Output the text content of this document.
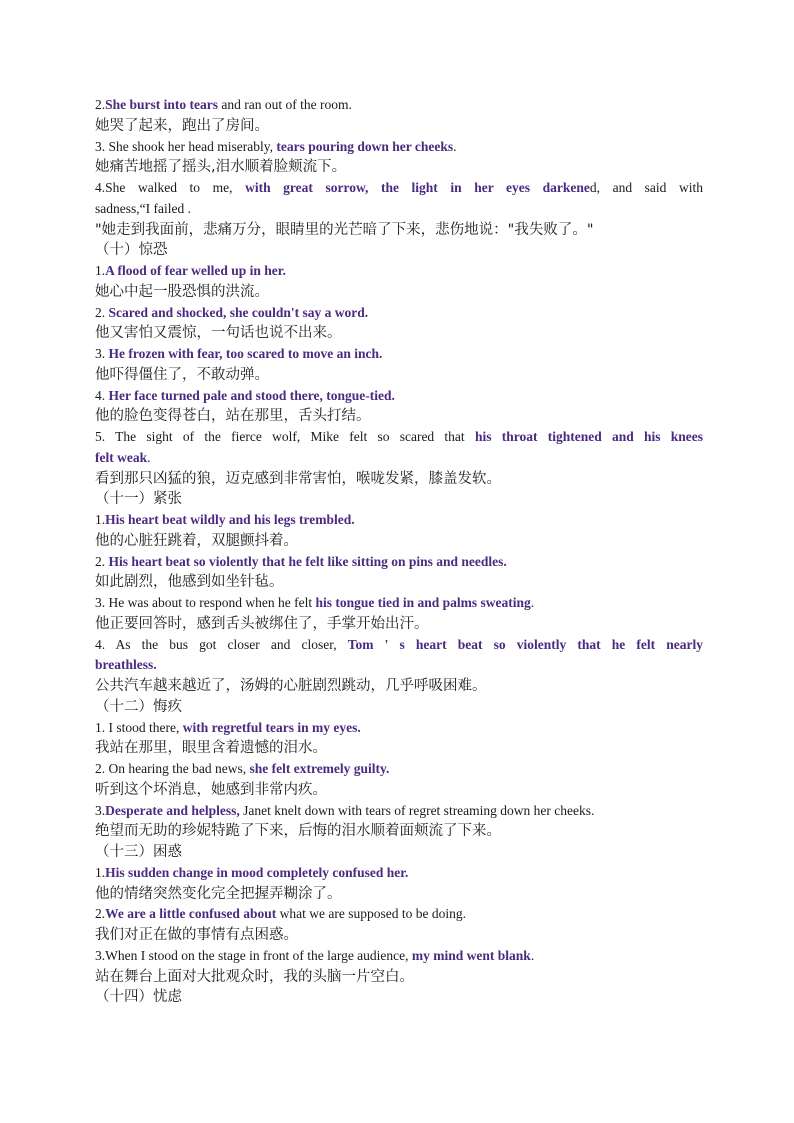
2.She burst into tears and ran out of the room.
她哭了起来，跑出了房间。
3. She shook her head miserably, tears pouring down her cheeks.
她痛苦地摇了摇头,泪水顺着脸颊流下。
4.She walked to me, with great sorrow, the light in her eyes darkened, and said with
sadness,“I failed .
"她走到我面前，悲痛万分，眼睛里的光芒暗了下来，悲伤地说："我失败了。"
（十）惊恐
1.A flood of fear welled up in her.
她心中起一股恐惧的洪流。
2. Scared and shocked, she couldn't say a word.
他又害怕又震惊，一句话也说不出来。
3. He frozen with fear, too scared to move an inch.
他吓得僵住了，不敢动弹。
4. Her face turned pale and stood there, tongue-tied.
他的脸色变得苍白，站在那里，舌头打结。
5. The sight of the fierce wolf, Mike felt so scared that his throat tightened and his knees
felt weak.
看到那只凶猛的狼，迈克感到非常害怕，喉咙发紧，膝盖发软。
（十一）紧张
1.His heart beat wildly and his legs trembled.
他的心脏狂跳着，双腿颤抖着。
2. His heart beat so violently that he felt like sitting on pins and needles.
如此剧烈，他感到如坐针毡。
3. He was about to respond when he felt his tongue tied in and palms sweating.
他正要回答时，感到舌头被绑住了，手掌开始出汗。
4. As the bus got closer and closer, Tom ' s heart beat so violently that he felt nearly
breathless.
公共汽车越来越近了，汤姆的心脏剧烈跳动，几乎呼吸困难。
（十二）悔疚
1. I stood there, with regretful tears in my eyes.
我站在那里，眼里含着遗憾的泪水。
2. On hearing the bad news, she felt extremely guilty.
听到这个坏消息，她感到非常内疚。
3.Desperate and helpless, Janet knelt down with tears of regret streaming down her cheeks.
绝望而无助的珍妮特跪了下来，后悔的泪水顺着面颊流了下来。
（十三）困惑
1.His sudden change in mood completely confused her.
他的情绪突然变化完全把握弄糊涂了。
2.We are a little confused about what we are supposed to be doing.
我们对正在做的事情有点困惑。
3.When I stood on the stage in front of the large audience, my mind went blank.
站在舞台上面对大批观众时，我的头脑一片空白。
（十四）忧虑
